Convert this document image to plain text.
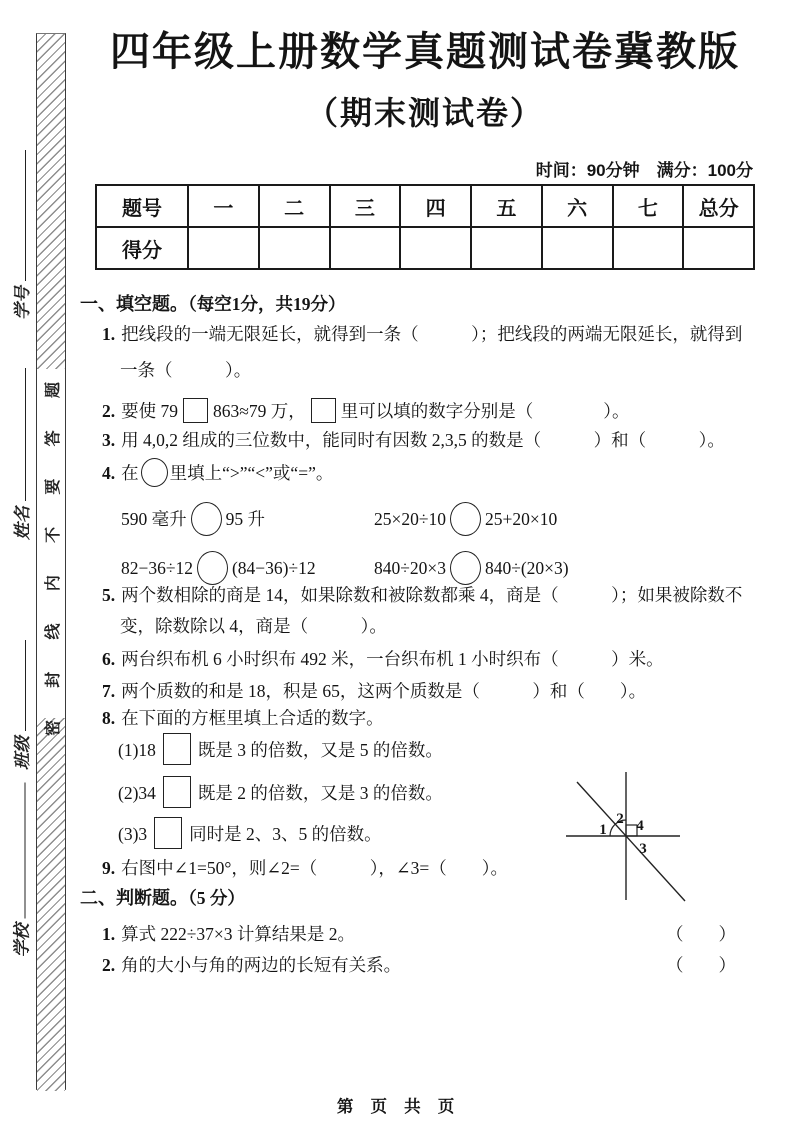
密
封
线
内
不
要
答
题
学号
姓名
班级
学校
四年级上册数学真题测试卷冀教版
（期末测试卷）
时间：90分钟　满分：100分
题号	一	二	三	四	五	六	七	总分
得分								
一、填空题。（每空1分，共19分）
1. 把线段的一端无限延长，就得到一条（　　　）；把线段的两端无限延长，就得到
一条（　　　）。
2. 要使 79 863≈79 万， 里可以填的数字分别是（　　　　）。
3. 用 4,0,2 组成的三位数中，能同时有因数 2,3,5 的数是（　　　）和（　　　）。
4. 在 里填上“>”“<”或“=”。
590 毫升 95 升	25×20÷10 25+20×10
82−36÷12 (84−36)÷12	840÷20×3 840÷(20×3)
5. 两个数相除的商是 14，如果除数和被除数都乘 4，商是（　　　）；如果被除数不
变，除数除以 4，商是（　　　）。
6. 两台织布机 6 小时织布 492 米，一台织布机 1 小时织布（　　　）米。
7. 两个质数的和是 18，积是 65，这两个质数是（　　　）和（　　）。
8. 在下面的方框里填上合适的数字。
(1)18 既是 3 的倍数，又是 5 的倍数。
(2)34 既是 2 的倍数，又是 3 的倍数。
(3)3 同时是 2、3、5 的倍数。
9. 右图中∠1=50°，则∠2=（　　　），∠3=（　　）。
二、判断题。（5 分）
1. 算式 222÷37×3 计算结果是 2。	（　　）
2. 角的大小与角的两边的长短有关系。	（　　）
1
2
3
4
第 页 共 页
